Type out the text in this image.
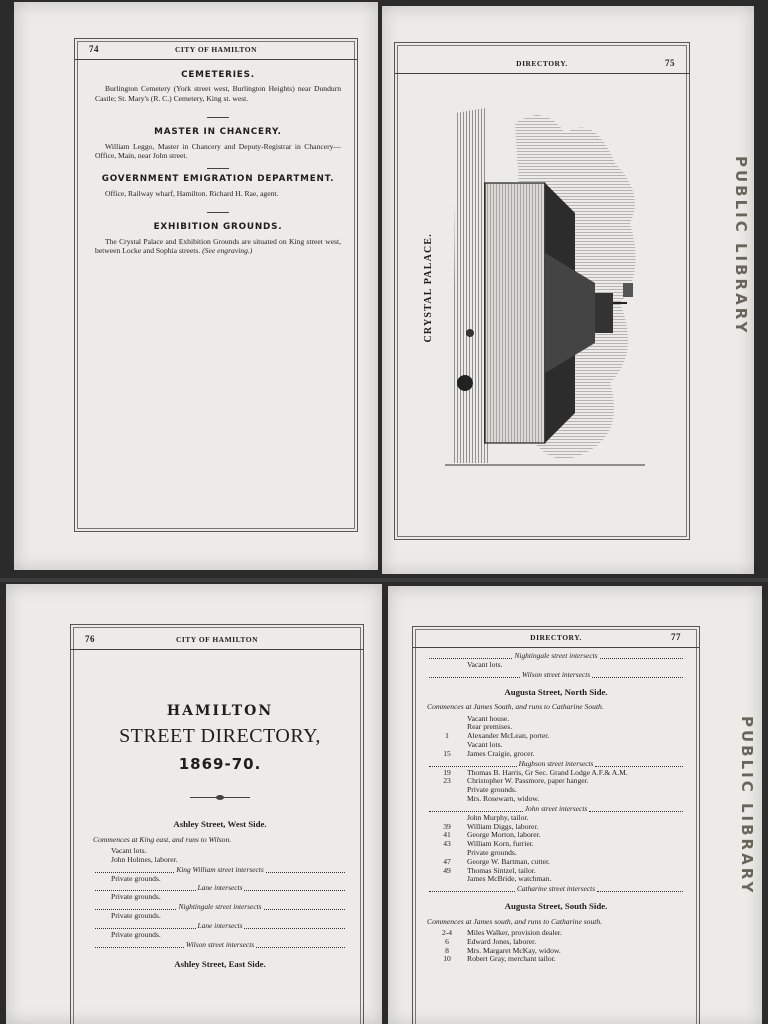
74	CITY OF HAMILTON
CEMETERIES.
Burlington Cemetery (York street west, Burlington Heights) near Dundurn Castle; St. Mary's (R. C.) Cemetery, King st. west.
MASTER IN CHANCERY.
William Leggo, Master in Chancery and Deputy-Registrar in Chancery—Office, Main, near John street.
GOVERNMENT EMIGRATION DEPARTMENT.
Office, Railway wharf, Hamilton. Richard H. Rae, agent.
EXHIBITION GROUNDS.
The Crystal Palace and Exhibition Grounds are situated on King street west, between Locke and Sophia streets. (See engraving.)
DIRECTORY.	75
CRYSTAL PALACE.	PUBLIC LIBRARY
76	CITY OF HAMILTON
HAMILTON
STREET DIRECTORY,
1869-70.
Ashley Street, West Side.
Commences at King east, and runs to Wilson.
Vacant lots.
John Holmes, laborer.
King William street intersects
Private grounds.
Lane intersects
Private grounds.
Nightingale street intersects
Private grounds.
Lane intersects
Private grounds.
Wilson street intersects
Ashley Street, East Side.
DIRECTORY.	77
Nightingale street intersects
Vacant lots.
Wilson street intersects
Augusta Street, North Side.
Commences at James South, and runs to Catharine South.
Vacant house.
Rear premises.
1	Alexander McLean, porter.
Vacant lots.
15	James Craigie, grocer.
Hughson street intersects
19	Thomas B. Harris, Gr Sec. Grand Lodge A.F.& A.M.
23	Christopher W. Passmore, paper hanger.
Private grounds.
Mrs. Rosewarn, widow.
John street intersects
John Murphy, tailor.
39	William Diggs, laborer.
41	George Morton, laborer.
43	William Korn, furrier.
Private grounds.
47	George W. Bartman, cutter.
49	Thomas Sintzel, tailor.
James McBride, watchman.
Catharine street intersects
Augusta Street, South Side.
Commences at James south, and runs to Catharine south.
2-4	Miles Walker, provision dealer.
6	Edward Jones, laborer.
8	Mrs. Margaret McKay, widow.
10	Robert Gray, merchant tailor.
PUBLIC LIBRARY
